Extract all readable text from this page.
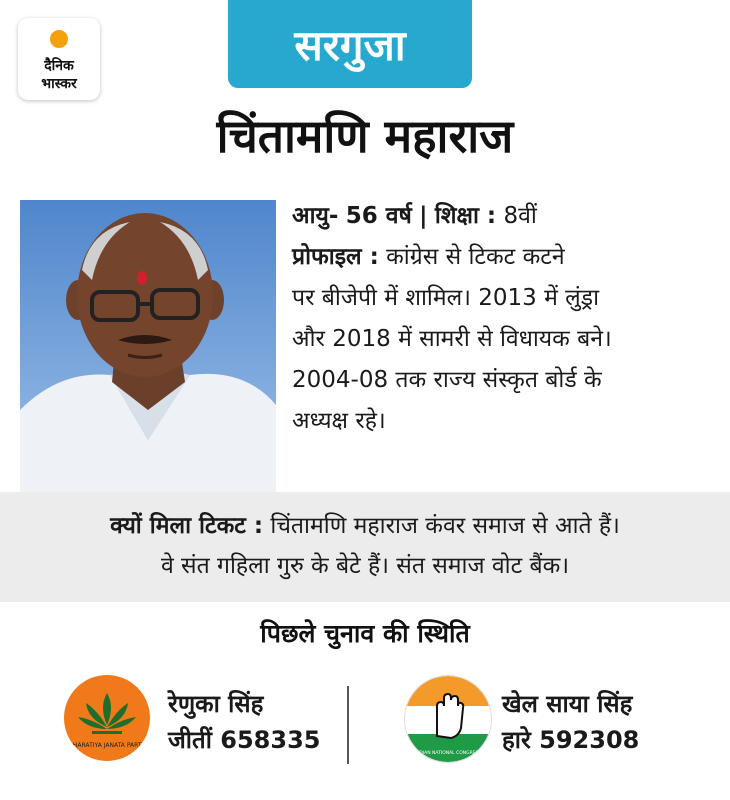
दैनिक
भास्कर
सरगुजा
चिंतामणि महाराज
आयु- 56 वर्ष | शिक्षा : 8वीं
प्रोफाइल : कांग्रेस से टिकट कटने
पर बीजेपी में शामिल। 2013 में लुंड्रा
और 2018 में सामरी से विधायक बने।
2004-08 तक राज्य संस्कृत बोर्ड के
अध्यक्ष रहे।
क्यों मिला टिकट : चिंतामणि महाराज कंवर समाज से आते हैं।
वे संत गहिला गुरु के बेटे हैं। संत समाज वोट बैंक।
पिछले चुनाव की स्थिति
BHARATIYA JANATA PARTY
रेणुका सिंह
जीतीं 658335	INDIAN NATIONAL CONGRESS
खेल साया सिंह
हारे 592308
